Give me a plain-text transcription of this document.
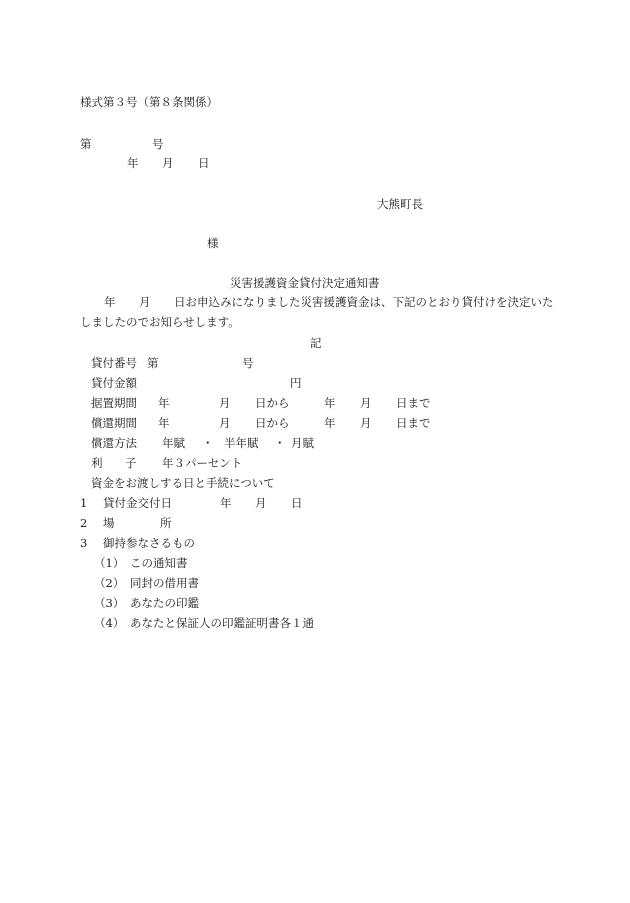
様式第３号（第８条関係）
第	号
年 月 日
大熊町長
様
災害援護資金貸付決定通知書
年 月 日お申込みになりました災害援護資金は、下記のとおり貸付けを決定いた
しましたのでお知らせします。
記
貸付番号 第	号
貸付金額	円
据置期間 年	月 日から	年 月 日まで
償還期間 年	月 日から	年 月 日まで
償還方法 年賦 ・ 半年賦 ・ 月賦
利 子 年３パーセント
資金をお渡しする日と手続について
1 貸付金交付日	年 月 日
2 場	所
3 御持参なさるもの
（1） この通知書
（2） 同封の借用書
（3） あなたの印鑑
（4） あなたと保証人の印鑑証明書各１通
